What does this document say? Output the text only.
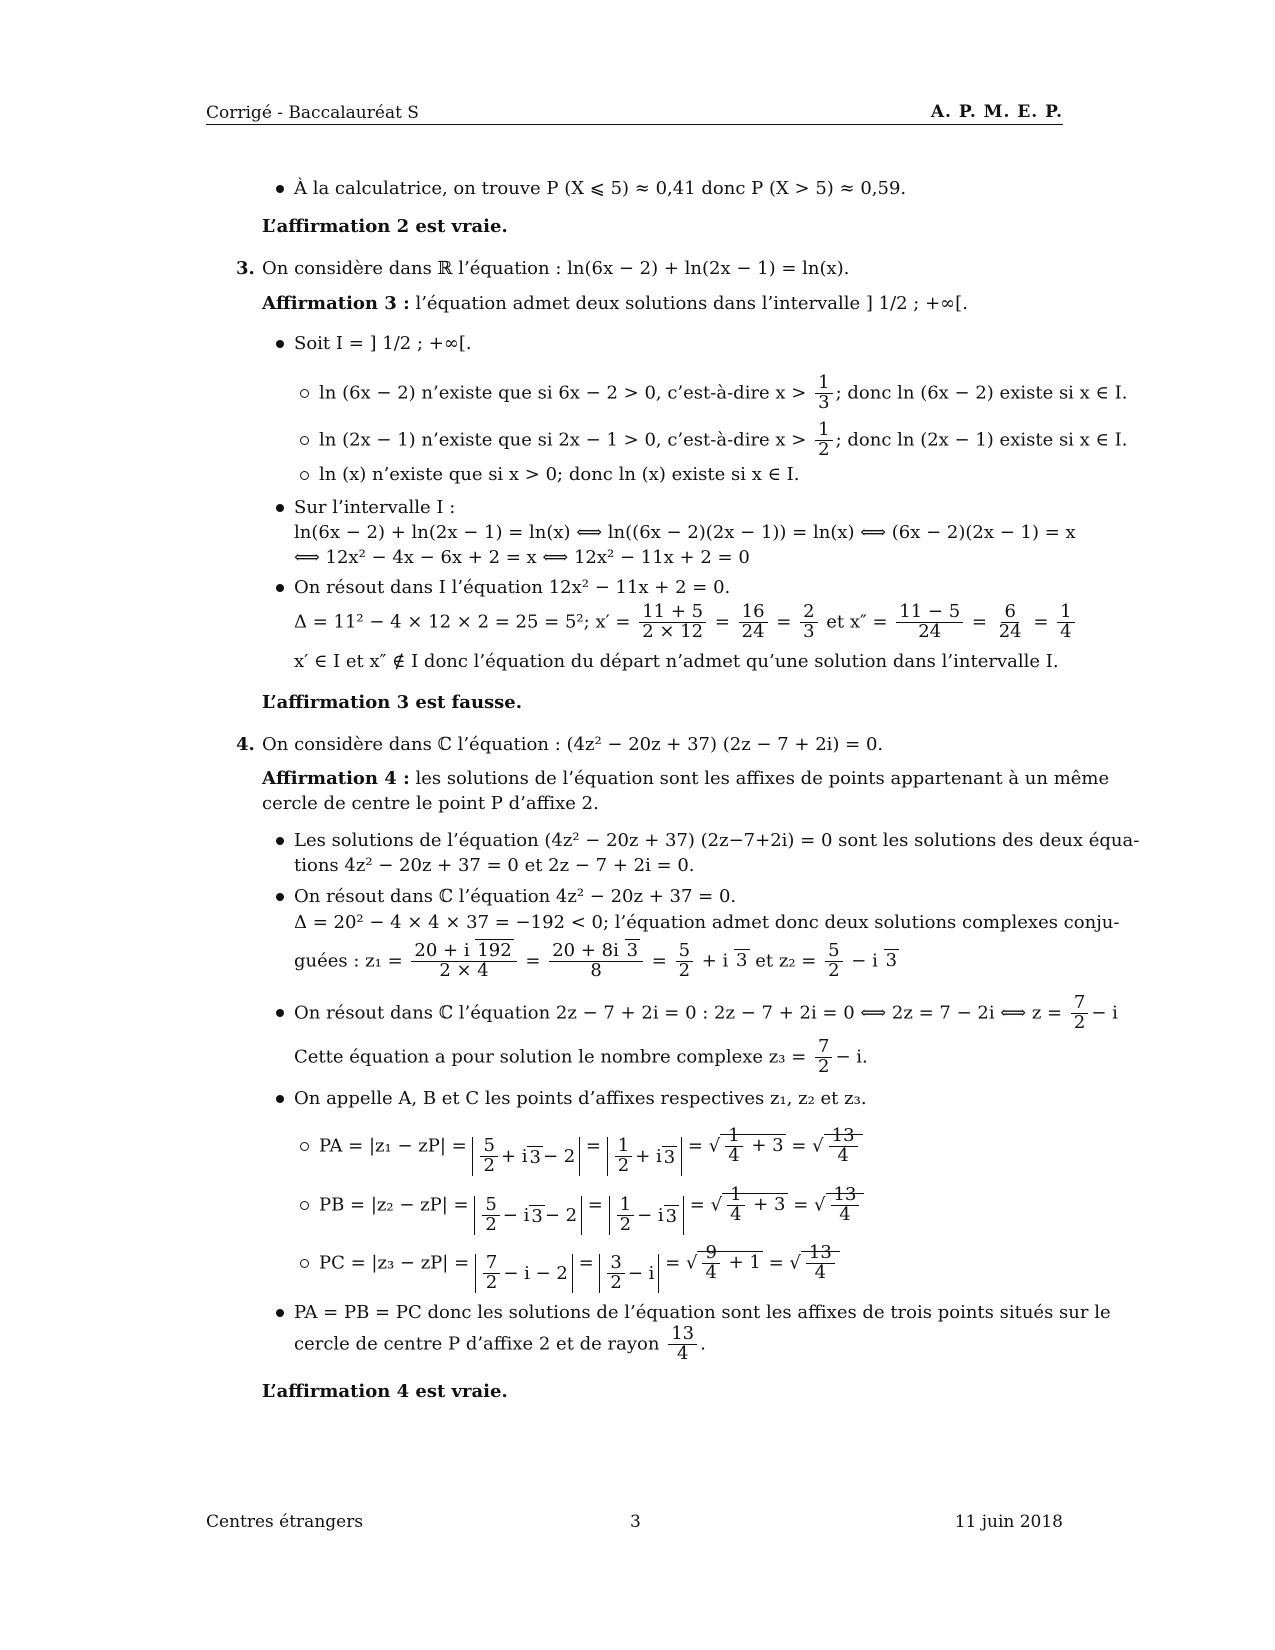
Corrigé - Baccalauréat S	A. P. M. E. P.
À la calculatrice, on trouve P (X ⩽ 5) ≈ 0,41 donc P (X > 5) ≈ 0,59.
L’affirmation 2 est vraie.
3. On considère dans ℝ l’équation : ln(6x − 2) + ln(2x − 1) = ln(x).
Affirmation 3 : l’équation admet deux solutions dans l’intervalle ] 1/2 ; +∞[.
Soit I = ] 1/2 ; +∞[.
ln (6x − 2) n’existe que si 6x − 2 > 0, c’est-à-dire $x > \frac{1}{3}$ ; donc ln (6x − 2) existe si x ∈ I.
ln (2x − 1) n’existe que si 2x − 1 > 0, c’est-à-dire $x > \frac{1}{2}$ ; donc ln (2x − 1) existe si x ∈ I.
ln (x) n’existe que si x > 0; donc ln (x) existe si x ∈ I.
Sur l’intervalle I :
ln(6x − 2) + ln(2x − 1) = ln(x) ⟺ ln((6x − 2)(2x − 1)) = ln(x) ⟺ (6x − 2)(2x − 1) = x
⟺ 12x² − 4x − 6x + 2 = x ⟺ 12x² − 11x + 2 = 0
On résout dans I l’équation 12x² − 11x + 2 = 0.
Δ = 11² − 4 × 12 × 2 = 25 = 5²; $x' = \frac{11 + 5}{2 \times 12} = \frac{16}{24} = \frac{2}{3}$ et $x'' = \frac{11 - 5}{24} = \frac{6}{24} = \frac{1}{4}$
x′ ∈ I et x″ ∉ I donc l’équation du départ n’admet qu’une solution dans l’intervalle I.
L’affirmation 3 est fausse.
4. On considère dans ℂ l’équation : (4z² − 20z + 37) (2z − 7 + 2i) = 0.
Affirmation 4 : les solutions de l’équation sont les affixes de points appartenant à un même
cercle de centre le point P d’affixe 2.
Les solutions de l’équation (4z² − 20z + 37) (2z−7+2i) = 0 sont les solutions des deux équa-
tions 4z² − 20z + 37 = 0 et 2z − 7 + 2i = 0.
On résout dans ℂ l’équation 4z² − 20z + 37 = 0.
Δ = 20² − 4 × 4 × 37 = −192 < 0; l’équation admet donc deux solutions complexes conju-
guées : $z_1 = \frac{20 + i 192}{2 \times 4} = \frac{20 + 8i 3}{8} = \frac{5}{2} + i$ 3 et $z_2 = \frac{5}{2} - i$ 3
On résout dans ℂ l’équation 2z − 7 + 2i = 0 : 2z − 7 + 2i = 0 ⟺ 2z = 7 − 2i ⟺ $z = \frac{7}{2} - i$
Cette équation a pour solution le nombre complexe $z_3 = \frac{7}{2} - i$.
On appelle A, B et C les points d’affixes respectives z₁, z₂ et z₃.
PA = $|z_1 - zP| = \frac{5}{2} + i$ $3 - 2 = \frac{1}{2} + i$ 3
= √ $\frac{1}{4} + 3$ = √ $\frac{13}{4}$
PB = $|z_2 - zP| = \frac{5}{2} - i$ $3 - 2 = \frac{1}{2} - i$ 3
= √ $\frac{1}{4} + 3$ = √ $\frac{13}{4}$
PC = $|z_3 - zP| = \frac{7}{2} - i - 2 = \frac{3}{2} - i$ = √ $\frac{9}{4} + 1$ = √ $\frac{13}{4}$
PA = PB = PC donc les solutions de l’équation sont les affixes de trois points situés sur le
cercle de centre P d’affixe 2 et de rayon $\frac{13}{4}$ .
L’affirmation 4 est vraie.
Centres étrangers	3	11 juin 2018
